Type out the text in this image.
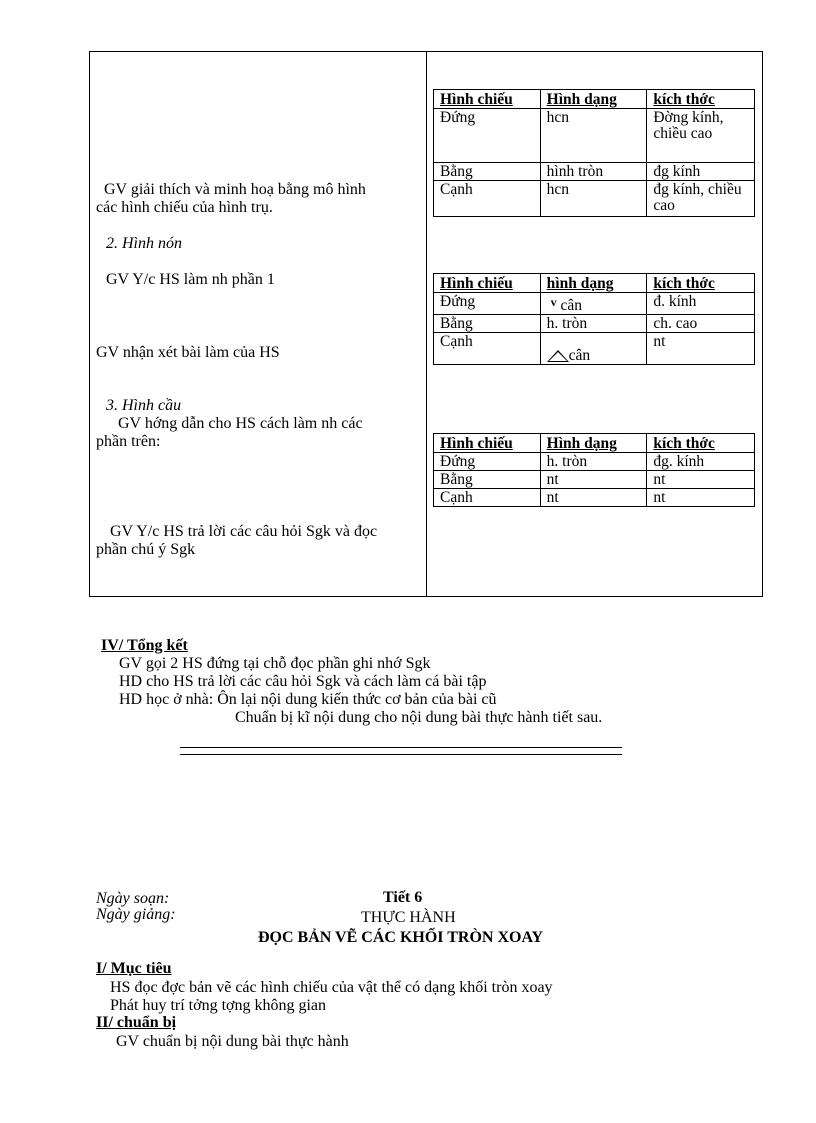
GV giải thích và minh hoạ bằng mô hình
các hình chiếu của hình trụ.
2. Hình nón
GV Y/c HS làm nh phần 1
GV nhận xét bài làm của HS
3. Hình cầu
GV hớng dẫn cho HS cách làm nh các
phần trên:
GV Y/c HS trả lời các câu hỏi Sgk và đọc
phần chú ý Sgk
Hình chiếu	Hình dạng	kích thớc
Đứng	hcn	Đờng kính, chiều cao
Bằng	hình tròn	đg kính
Cạnh	hcn	đg kính, chiều cao
Hình chiếu	hình dạng	kích thớc
Đứng	$^v$ cân	đ. kính
Bằng	h. tròn	ch. cao
Cạnh	cân	nt
Hình chiếu	Hình dạng	kích thớc
Đứng	h. tròn	đg. kính
Bằng	nt	nt
Cạnh	nt	nt
IV/ Tổng kết
GV gọi 2 HS đứng tại chỗ đọc phần ghi nhớ Sgk
HD cho HS trả lời các câu hỏi Sgk và cách làm cá bài tập
HD học ở nhà: Ôn lại nội dung kiến thức cơ bản của bài cũ
Chuẩn bị kĩ nội dung cho nội dung bài thực hành tiết sau.
Ngày soạn:	Tiết 6
Ngày giảng:	THỰC HÀNH
ĐỌC BẢN VẼ CÁC KHỐI TRÒN XOAY
I/ Mục tiêu
HS đọc đợc bản vẽ các hình chiếu của vật thể có dạng khối tròn xoay
Phát huy trí tởng tợng không gian
II/ chuẩn bị
GV chuẩn bị nội dung bài thực hành
